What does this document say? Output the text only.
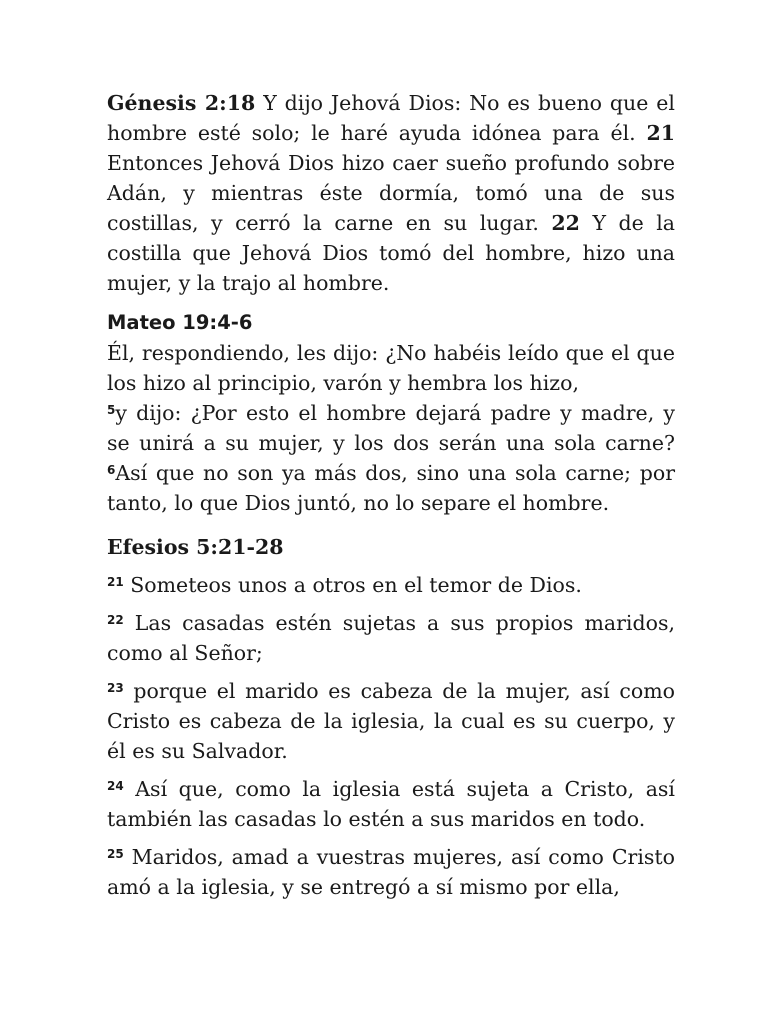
Génesis 2:18 Y dijo Jehová Dios: No es bueno que el hombre esté solo; le haré ayuda idónea para él. 21 Entonces Jehová Dios hizo caer sueño profundo sobre Adán, y mientras éste dormía, tomó una de sus costillas, y cerró la carne en su lugar. 22 Y de la costilla que Jehová Dios tomó del hombre, hizo una mujer, y la trajo al hombre.

Mateo 19:4-6

Él, respondiendo, les dijo: ¿No habéis leído que el que los hizo al principio, varón y hembra los hizo,

$^5$y dijo: ¿Por esto el hombre dejará padre y madre, y se unirá a su mujer, y los dos serán una sola carne? $^6$Así que no son ya más dos, sino una sola carne; por tanto, lo que Dios juntó, no lo separe el hombre.

Efesios 5:21-28

$^{21}$ Someteos unos a otros en el temor de Dios.

$^{22}$ Las casadas estén sujetas a sus propios maridos, como al Señor;

$^{23}$ porque el marido es cabeza de la mujer, así como Cristo es cabeza de la iglesia, la cual es su cuerpo, y él es su Salvador.

$^{24}$ Así que, como la iglesia está sujeta a Cristo, así también las casadas lo estén a sus maridos en todo.

$^{25}$ Maridos, amad a vuestras mujeres, así como Cristo amó a la iglesia, y se entregó a sí mismo por ella,
